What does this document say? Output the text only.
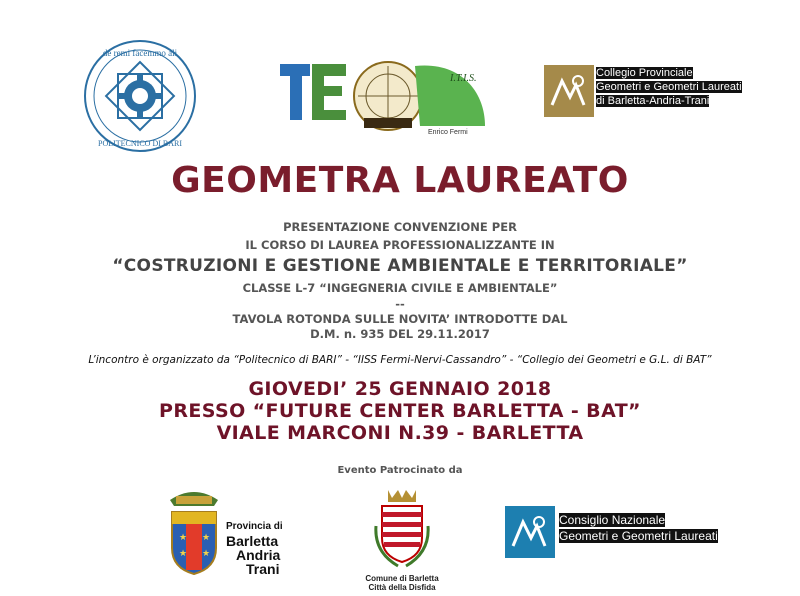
de remi facemmo ali
POLITECNICO DI BARI
I.T.I.S.
Enrico Fermi
Collegio Provinciale
Geometri e Geometri Laureati
di Barletta-Andria-Trani
GEOMETRA LAUREATO
PRESENTAZIONE CONVENZIONE PER
IL CORSO DI LAUREA PROFESSIONALIZZANTE IN
“COSTRUZIONI E GESTIONE AMBIENTALE E TERRITORIALE”
CLASSE L-7 “INGEGNERIA CIVILE E AMBIENTALE”
--
TAVOLA ROTONDA SULLE NOVITA’ INTRODOTTE DAL
D.M. n. 935 DEL 29.11.2017
L’incontro è organizzato da “Politecnico di BARI” - “IISS Fermi-Nervi-Cassandro” - “Collegio dei Geometri e G.L. di BAT”
GIOVEDI’ 25 GENNAIO 2018
PRESSO “FUTURE CENTER BARLETTA - BAT”
VIALE MARCONI N.39 - BARLETTA
Evento Patrocinato da
★ ★
★ ★
Provincia di
Barletta
Andria
Trani
Comune di Barletta
Città della Disfida
Consiglio Nazionale
Geometri e Geometri Laureati
